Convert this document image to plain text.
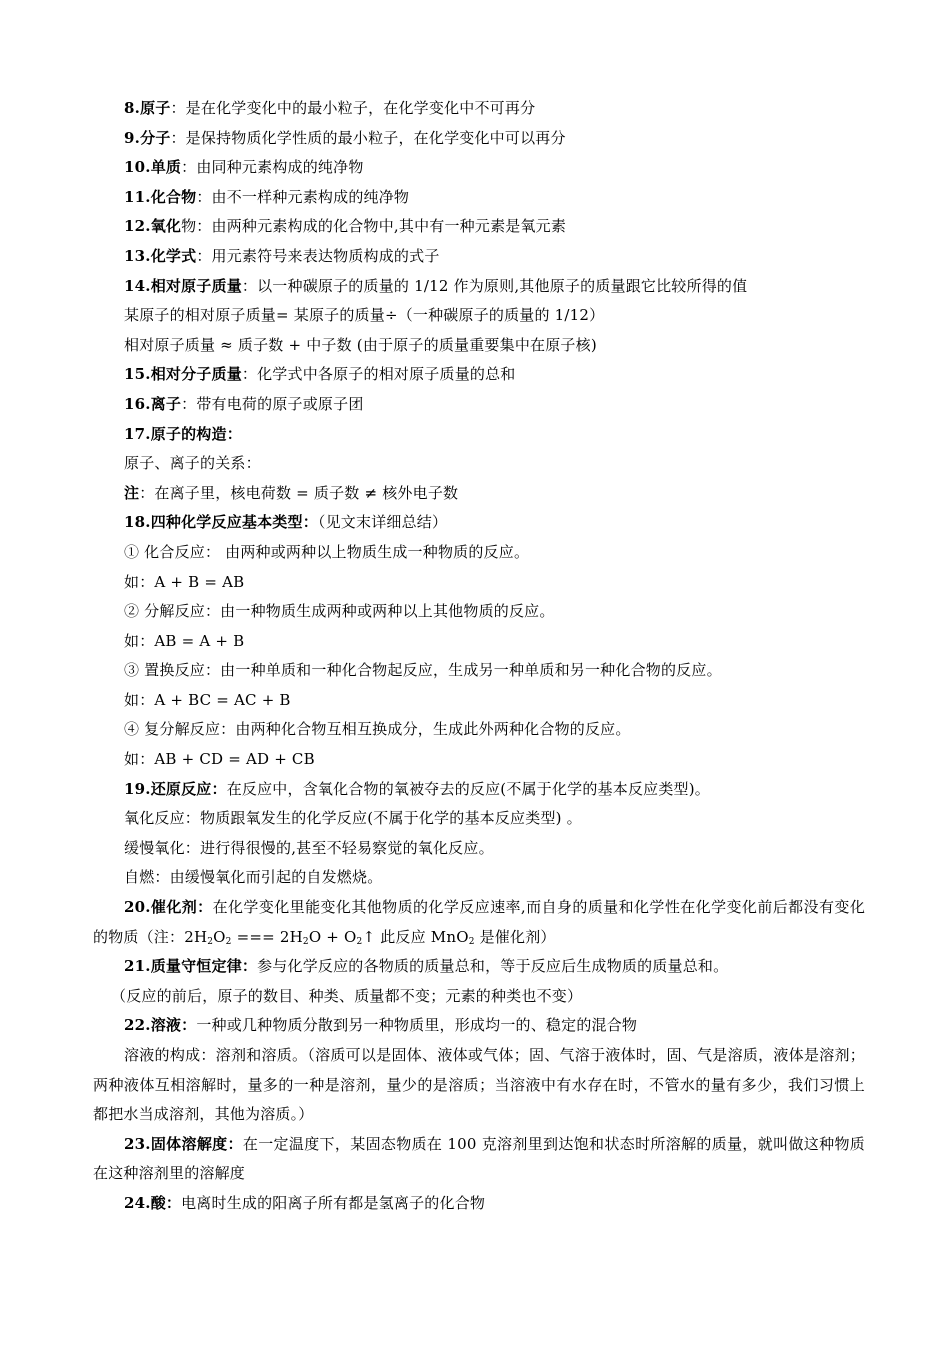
8.原子：是在化学变化中的最小粒子，在化学变化中不可再分
9.分子：是保持物质化学性质的最小粒子，在化学变化中可以再分
10.单质：由同种元素构成的纯净物
11.化合物：由不一样种元素构成的纯净物
12.氧化物：由两种元素构成的化合物中,其中有一种元素是氧元素
13.化学式：用元素符号来表达物质构成的式子
14.相对原子质量：以一种碳原子的质量的 1/12 作为原则,其他原子的质量跟它比较所得的值
某原子的相对原子质量= 某原子的质量÷（一种碳原子的质量的 1/12）
相对原子质量 ≈ 质子数 + 中子数 (由于原子的质量重要集中在原子核)
15.相对分子质量：化学式中各原子的相对原子质量的总和
16.离子：带有电荷的原子或原子团
17.原子的构造：
原子、离子的关系：
注：在离子里，核电荷数 = 质子数 ≠ 核外电子数
18.四种化学反应基本类型：（见文末详细总结）
① 化合反应： 由两种或两种以上物质生成一种物质的反应。
如：A + B = AB
② 分解反应：由一种物质生成两种或两种以上其他物质的反应。
如：AB = A + B
③ 置换反应：由一种单质和一种化合物起反应，生成另一种单质和另一种化合物的反应。
如：A + BC = AC + B
④ 复分解反应：由两种化合物互相互换成分，生成此外两种化合物的反应。
如：AB + CD = AD + CB
19.还原反应：在反应中，含氧化合物的氧被夺去的反应(不属于化学的基本反应类型)。
氧化反应：物质跟氧发生的化学反应(不属于化学的基本反应类型) 。
缓慢氧化：进行得很慢的,甚至不轻易察觉的氧化反应。
自燃：由缓慢氧化而引起的自发燃烧。
20.催化剂：在化学变化里能变化其他物质的化学反应速率,而自身的质量和化学性在化学变化前后都没有变化的物质（注：$2H_2O_2$ === $2H_2O$ + $O_2↑$ 此反应 MnO$_2$ 是催化剂）
21.质量守恒定律：参与化学反应的各物质的质量总和，等于反应后生成物质的质量总和。
（反应的前后，原子的数目、种类、质量都不变；元素的种类也不变）
22.溶液：一种或几种物质分散到另一种物质里，形成均一的、稳定的混合物
溶液的构成：溶剂和溶质。（溶质可以是固体、液体或气体；固、气溶于液体时，固、气是溶质，液体是溶剂；两种液体互相溶解时，量多的一种是溶剂，量少的是溶质；当溶液中有水存在时，不管水的量有多少，我们习惯上都把水当成溶剂，其他为溶质。）
23.固体溶解度：在一定温度下，某固态物质在 100 克溶剂里到达饱和状态时所溶解的质量，就叫做这种物质在这种溶剂里的溶解度
24.酸：电离时生成的阳离子所有都是氢离子的化合物
